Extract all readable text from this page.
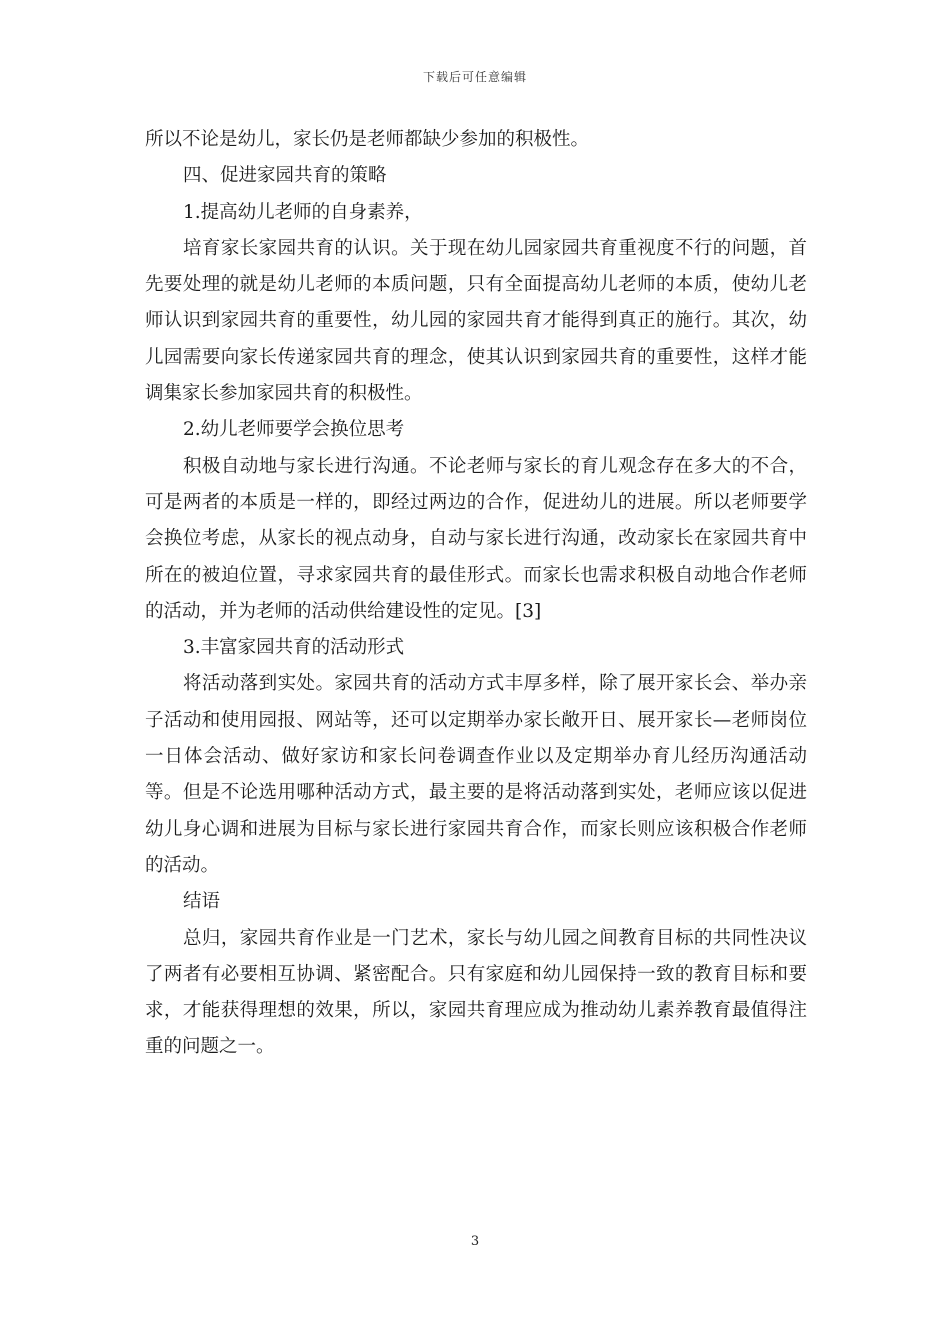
下载后可任意编辑

所以不论是幼儿，家长仍是老师都缺少参加的积极性。

四、促进家园共育的策略

1.提高幼儿老师的自身素养，

培育家长家园共育的认识。关于现在幼儿园家园共育重视度不行的问题，首先要处理的就是幼儿老师的本质问题，只有全面提高幼儿老师的本质，使幼儿老师认识到家园共育的重要性，幼儿园的家园共育才能得到真正的施行。其次，幼儿园需要向家长传递家园共育的理念，使其认识到家园共育的重要性，这样才能调集家长参加家园共育的积极性。

2.幼儿老师要学会换位思考

积极自动地与家长进行沟通。不论老师与家长的育儿观念存在多大的不合，可是两者的本质是一样的，即经过两边的合作，促进幼儿的进展。所以老师要学会换位考虑，从家长的视点动身，自动与家长进行沟通，改动家长在家园共育中所在的被迫位置，寻求家园共育的最佳形式。而家长也需求积极自动地合作老师的活动，并为老师的活动供给建设性的定见。[3]

3.丰富家园共育的活动形式

将活动落到实处。家园共育的活动方式丰厚多样，除了展开家长会、举办亲子活动和使用园报、网站等，还可以定期举办家长敞开日、展开家长—老师岗位一日体会活动、做好家访和家长问卷调查作业以及定期举办育儿经历沟通活动等。但是不论选用哪种活动方式，最主要的是将活动落到实处，老师应该以促进幼儿身心调和进展为目标与家长进行家园共育合作，而家长则应该积极合作老师的活动。

结语

总归，家园共育作业是一门艺术，家长与幼儿园之间教育目标的共同性决议了两者有必要相互协调、紧密配合。只有家庭和幼儿园保持一致的教育目标和要求，才能获得理想的效果，所以，家园共育理应成为推动幼儿素养教育最值得注重的问题之一。

3
